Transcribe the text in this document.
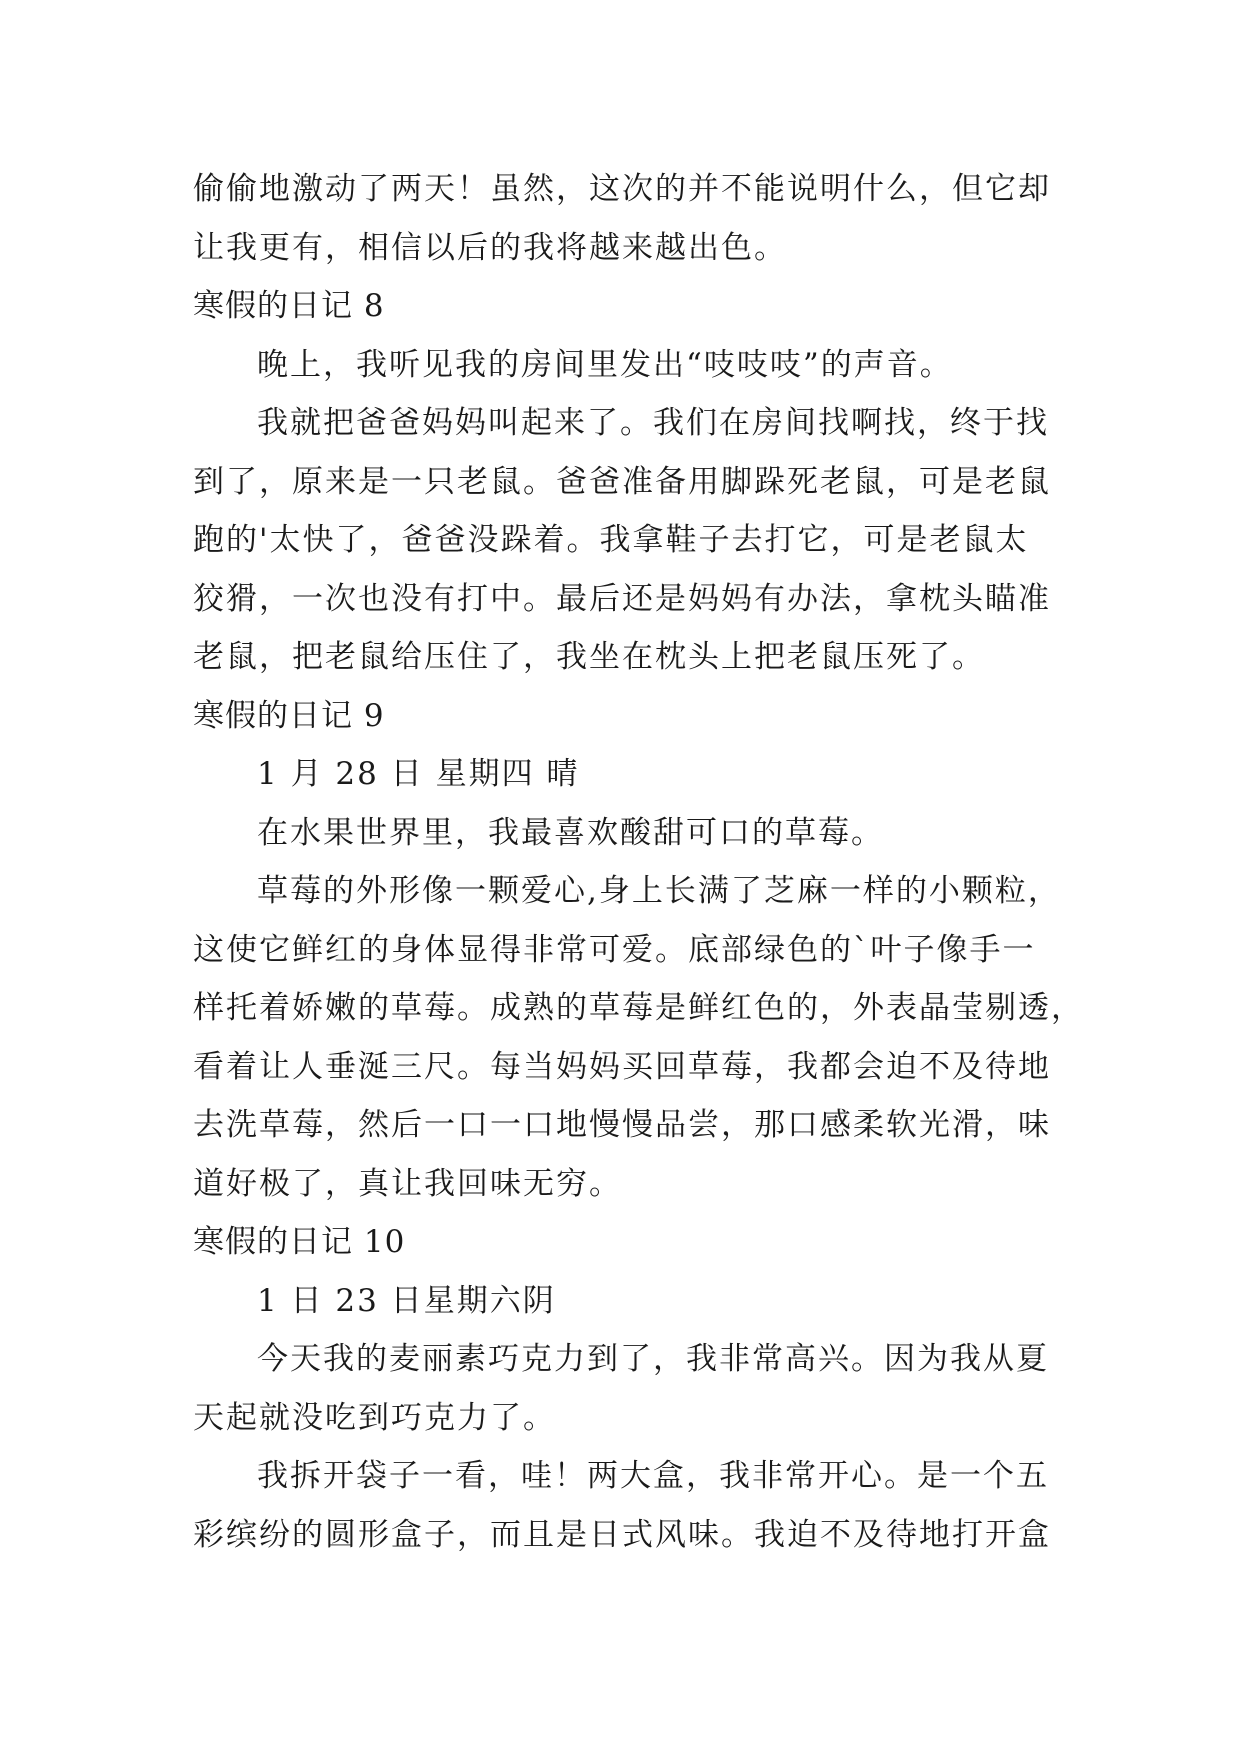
偷偷地激动了两天！虽然，这次的并不能说明什么，但它却
让我更有，相信以后的我将越来越出色。
寒假的日记 8
晚上，我听见我的房间里发出“吱吱吱”的声音。
我就把爸爸妈妈叫起来了。我们在房间找啊找，终于找
到了，原来是一只老鼠。爸爸准备用脚跺死老鼠，可是老鼠
跑的'太快了，爸爸没跺着。我拿鞋子去打它，可是老鼠太
狡猾，一次也没有打中。最后还是妈妈有办法，拿枕头瞄准
老鼠，把老鼠给压住了，我坐在枕头上把老鼠压死了。
寒假的日记 9
1 月 28 日 星期四 晴
在水果世界里，我最喜欢酸甜可口的草莓。
草莓的外形像一颗爱心,身上长满了芝麻一样的小颗粒，
这使它鲜红的身体显得非常可爱。底部绿色的`叶子像手一
样托着娇嫩的草莓。成熟的草莓是鲜红色的，外表晶莹剔透，
看着让人垂涎三尺。每当妈妈买回草莓，我都会迫不及待地
去洗草莓，然后一口一口地慢慢品尝，那口感柔软光滑，味
道好极了，真让我回味无穷。
寒假的日记 10
1 日 23 日星期六阴
今天我的麦丽素巧克力到了，我非常高兴。因为我从夏
天起就没吃到巧克力了。
我拆开袋子一看，哇！两大盒，我非常开心。是一个五
彩缤纷的圆形盒子，而且是日式风味。我迫不及待地打开盒
